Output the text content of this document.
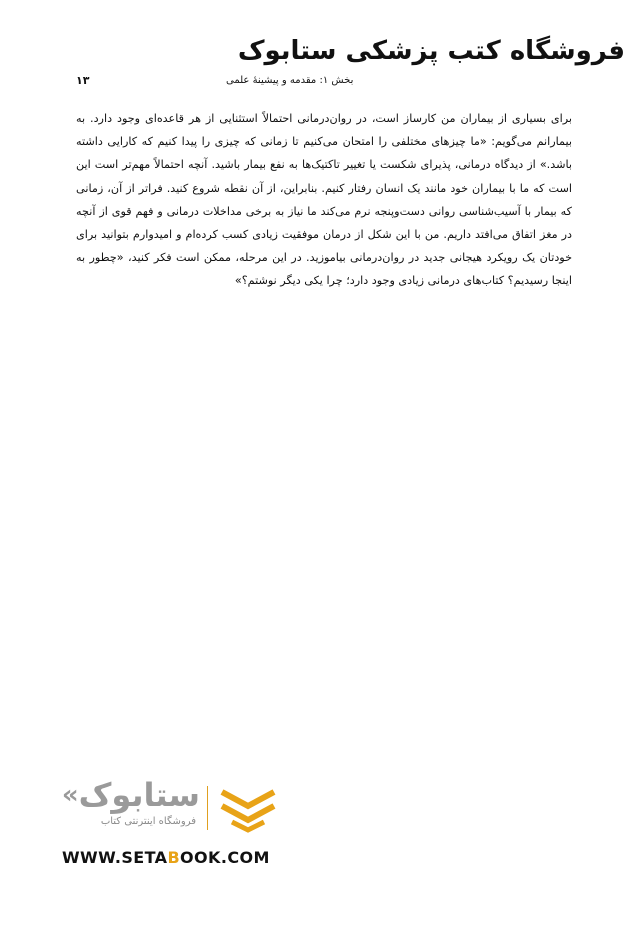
فروشگاه کتب پزشکی ستابوک
بخش ۱: مقدمه و پیشینهٔ علمی
۱۳
برای بسیاری از بیماران من کارساز است، در روان‌درمانی احتمالاً استثنایی از هر قاعده‌ای وجود دارد. به بیمارانم می‌گویم: «ما چیزهای مختلفی را امتحان می‌کنیم تا زمانی که چیزی را پیدا کنیم که کارایی داشته باشد.» از دیدگاه درمانی، پذیرای شکست یا تغییر تاکتیک‌ها به نفع بیمار باشید. آنچه احتمالاً مهم‌تر است این است که ما با بیماران خود مانند یک انسان رفتار کنیم. بنابراین، از آن نقطه شروع کنید. فراتر از آن، زمانی که بیمار با آسیب‌شناسی روانی دست‌وپنجه نرم می‌کند ما نیاز به برخی مداخلات درمانی و فهم قوی از آنچه در مغز اتفاق می‌افتد داریم. من با این شکل از درمان موفقیت زیادی کسب کرده‌ام و امیدوارم بتوانید برای خودتان یک رویکرد هیجانی جدید در روان‌درمانی بیاموزید. در این مرحله، ممکن است فکر کنید، «چطور به اینجا رسیدیم؟ کتاب‌های درمانی زیادی وجود دارد؛ چرا یکی دیگر نوشتم؟»
«ستابوک
فروشگاه اینترنتی کتاب
WWW.SETABOOK.COM
